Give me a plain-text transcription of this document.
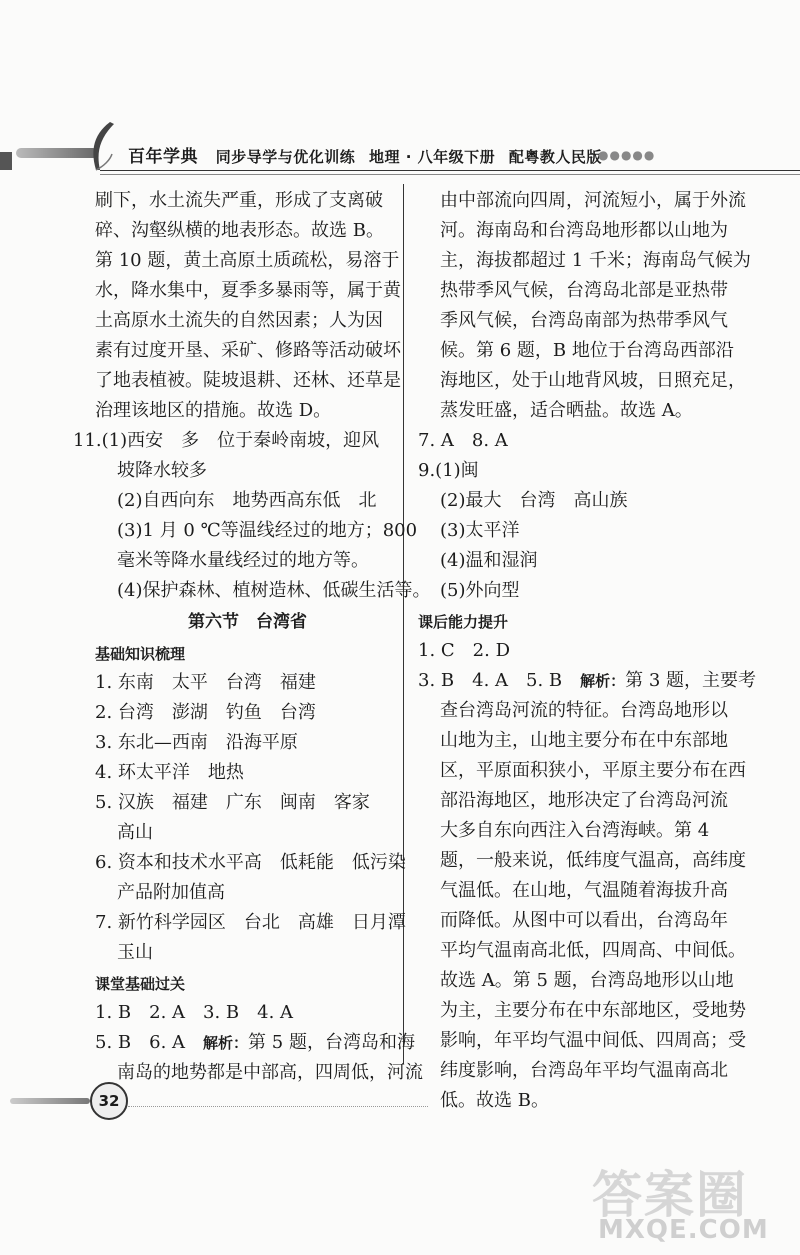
百年学典 同步导学与优化训练 地理 · 八年级下册 配粤教人民版
●●●●●
刷下，水土流失严重，形成了支离破
碎、沟壑纵横的地表形态。故选 B。
第 10 题，黄土高原土质疏松，易溶于
水，降水集中，夏季多暴雨等，属于黄
土高原水土流失的自然因素；人为因
素有过度开垦、采矿、修路等活动破坏
了地表植被。陡坡退耕、还林、还草是
治理该地区的措施。故选 D。
11.(1)西安　多　位于秦岭南坡，迎风
坡降水较多
(2)自西向东　地势西高东低　北
(3)1 月 0 ℃等温线经过的地方；800
毫米等降水量线经过的地方等。
(4)保护森林、植树造林、低碳生活等。
第六节　台湾省
基础知识梳理
1. 东南　太平　台湾　福建
2. 台湾　澎湖　钓鱼　台湾
3. 东北—西南　沿海平原
4. 环太平洋　地热
5. 汉族　福建　广东　闽南　客家
高山
6. 资本和技术水平高　低耗能　低污染
产品附加值高
7. 新竹科学园区　台北　高雄　日月潭
玉山
课堂基础过关
1. B　2. A　3. B　4. A
5. B　6. A　解析：第 5 题，台湾岛和海
南岛的地势都是中部高，四周低，河流
由中部流向四周，河流短小，属于外流
河。海南岛和台湾岛地形都以山地为
主，海拔都超过 1 千米；海南岛气候为
热带季风气候，台湾岛北部是亚热带
季风气候，台湾岛南部为热带季风气
候。第 6 题，B 地位于台湾岛西部沿
海地区，处于山地背风坡，日照充足，
蒸发旺盛，适合晒盐。故选 A。
7. A　8. A
9.(1)闽
(2)最大　台湾　高山族
(3)太平洋
(4)温和湿润
(5)外向型
课后能力提升
1. C　2. D
3. B　4. A　5. B　解析：第 3 题，主要考
查台湾岛河流的特征。台湾岛地形以
山地为主，山地主要分布在中东部地
区，平原面积狭小，平原主要分布在西
部沿海地区，地形决定了台湾岛河流
大多自东向西注入台湾海峡。第 4
题，一般来说，低纬度气温高，高纬度
气温低。在山地，气温随着海拔升高
而降低。从图中可以看出，台湾岛年
平均气温南高北低，四周高、中间低。
故选 A。第 5 题，台湾岛地形以山地
为主，主要分布在中东部地区，受地势
影响，年平均气温中间低、四周高；受
纬度影响，台湾岛年平均气温南高北
低。故选 B。
32
答案圈
MXQE.COM
